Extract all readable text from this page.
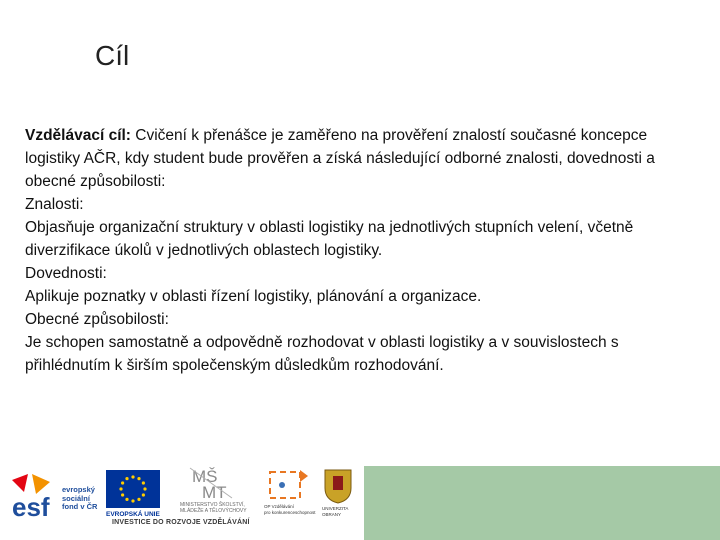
Cíl

Vzdělávací cíl: Cvičení k přenášce je zaměřeno na prověření znalostí současné koncepce logistiky AČR, kdy student bude prověřen a získá následující odborné znalosti, dovednosti a obecné způsobilosti:

Znalosti:

Objasňuje organizační struktury v oblasti logistiky na jednotlivých stupních velení, včetně diverzifikace úkolů v jednotlivých oblastech logistiky.

Dovednosti:

Aplikuje poznatky v oblasti řízení logistiky, plánování a organizace.

Obecné způsobilosti:

Je schopen samostatně a odpovědně rozhodovat v oblasti logistiky a v souvislostech s přihlédnutím k širším společenským důsledkům rozhodování.

esf
evropský
sociální
fond v ČR
EVROPSKÁ UNIE
MŠ
MT
MINISTERSTVO ŠKOLSTVÍ,
MLÁDEŽE A TĚLOVÝCHOVY
OP Vzdělávání
pro konkurenceschopnost
UNIVERZITA
OBRANY
INVESTICE DO ROZVOJE VZDĚLÁVÁNÍ
